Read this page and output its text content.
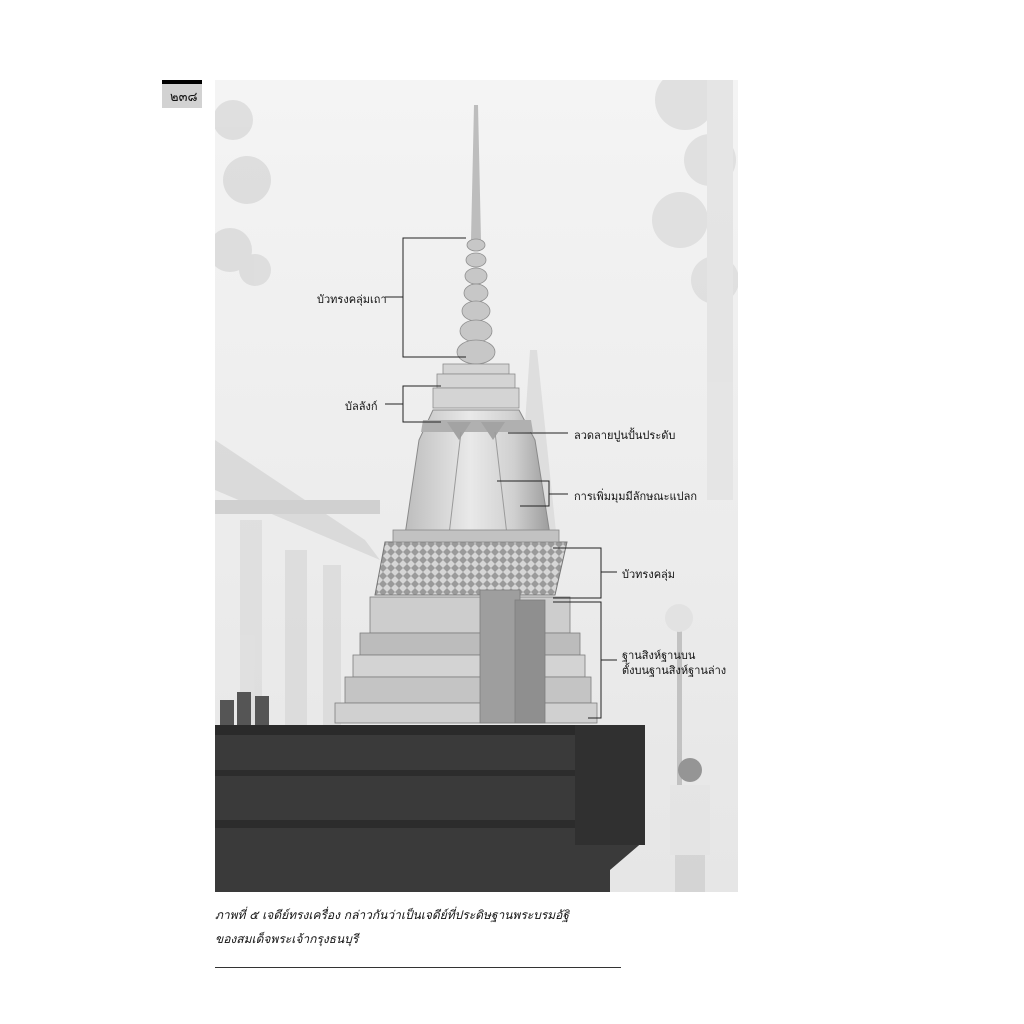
๒๓๘
บัวทรงคลุ่มเถา
บัลลังก์
ลวดลายปูนปั้นประดับ
การเพิ่มมุมมีลักษณะแปลก
บัวทรงคลุ่ม
ฐานสิงห์ฐานบน
ตั้งบนฐานสิงห์ฐานล่าง
ภาพที่ ๕ เจดีย์ทรงเครื่อง กล่าวกันว่าเป็นเจดีย์ที่ประดิษฐานพระบรมอัฐิ
ของสมเด็จพระเจ้ากรุงธนบุรี
